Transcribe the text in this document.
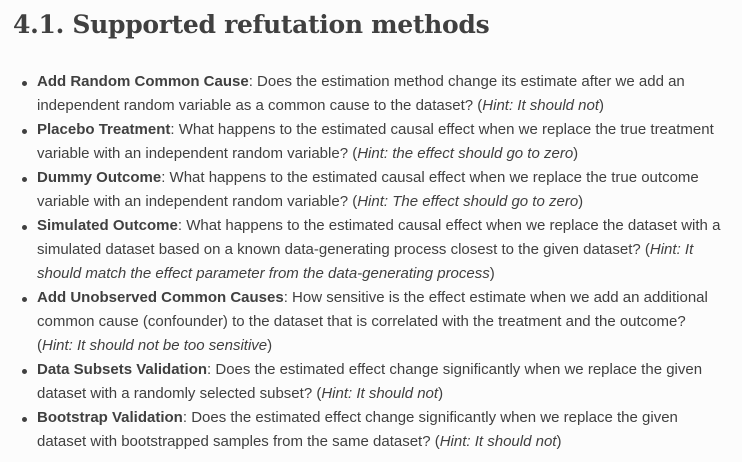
4.1. Supported refutation methods
Add Random Common Cause: Does the estimation method change its estimate after we add an independent random variable as a common cause to the dataset? (Hint: It should not)
Placebo Treatment: What happens to the estimated causal effect when we replace the true treatment variable with an independent random variable? (Hint: the effect should go to zero)
Dummy Outcome: What happens to the estimated causal effect when we replace the true outcome variable with an independent random variable? (Hint: The effect should go to zero)
Simulated Outcome: What happens to the estimated causal effect when we replace the dataset with a simulated dataset based on a known data-generating process closest to the given dataset? (Hint: It should match the effect parameter from the data-generating process)
Add Unobserved Common Causes: How sensitive is the effect estimate when we add an additional common cause (confounder) to the dataset that is correlated with the treatment and the outcome? (Hint: It should not be too sensitive)
Data Subsets Validation: Does the estimated effect change significantly when we replace the given dataset with a randomly selected subset? (Hint: It should not)
Bootstrap Validation: Does the estimated effect change significantly when we replace the given dataset with bootstrapped samples from the same dataset? (Hint: It should not)
